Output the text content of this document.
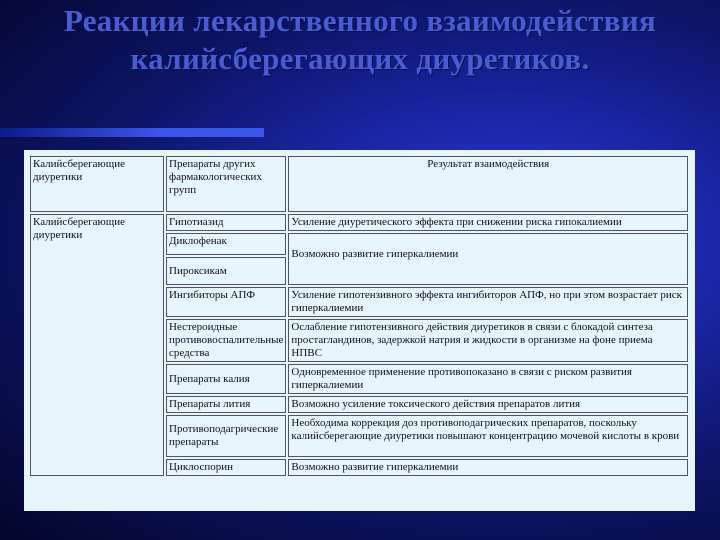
Реакции лекарственного взаимодействия
калийсберегающих диуретиков.
Калийсберегающие диуретики	Препараты других фармакологических групп	Результат взаимодействия
Калийсберегающие диуретики	Гипотиазид	Усиление диуретического эффекта при снижении риска гипокалиемии
	Диклофенак	Возможно развитие гиперкалиемии
	Пироксикам	
	Ингибиторы АПФ	Усиление гипотензивного эффекта ингибиторов АПФ, но при этом возрастает риск гиперкалиемии
	Нестероидные противовоспалительные средства	Ослабление гипотензивного действия диуретиков в связи с блокадой синтеза простагландинов, задержкой натрия и жидкости в организме на фоне приема НПВС
	Препараты калия	Одновременное применение противопоказано в связи с риском развития гиперкалиемии
	Препараты лития	Возможно усиление токсического действия препаратов лития
	Противоподагрические препараты	Необходима коррекция доз противоподагрических препаратов, поскольку калийсберегающие диуретики повышают концентрацию мочевой кислоты в крови
	Циклоспорин	Возможно развитие гиперкалиемии
